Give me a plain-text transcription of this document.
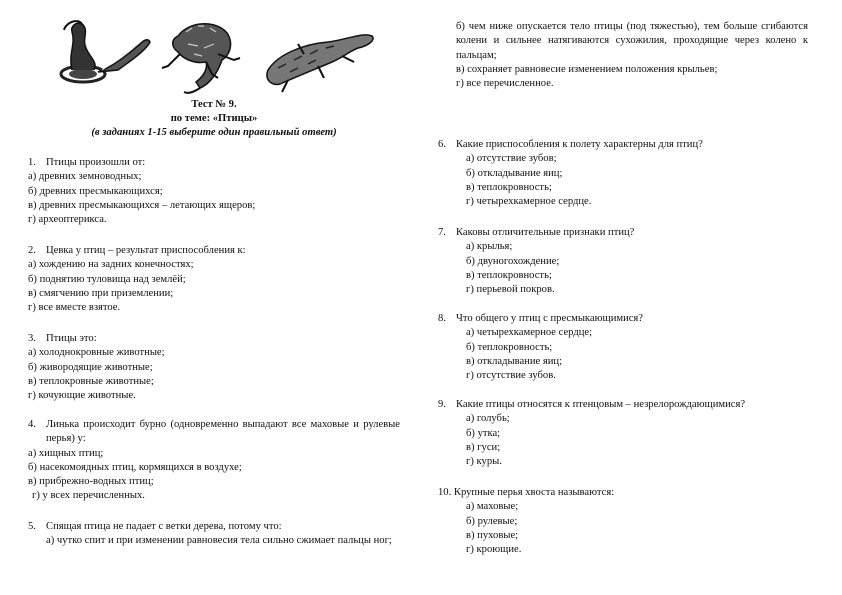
Тест № 9.
по теме: «Птицы»
(в заданиях 1-15 выберите один правильный ответ)
1. Птицы произошли от:
а) древних земноводных;
б) древних пресмыкающихся;
в) древних пресмыкающихся – летающих ящеров;
г) археоптерикса.
2. Цевка у птиц – результат приспособления к:
а) хождению на задних конечностях;
б) поднятию туловища над землёй;
в) смягчению при приземлении;
г) все вместе взятое.
3. Птицы это:
а) холоднокровные животные;
б) живородящие животные;
в) теплокровные животные;
г) кочующие животные.
4. Линька происходит бурно (одновременно выпадают все маховые и рулевые перья) у:
а) хищных птиц;
б) насекомоядных птиц, кормящихся в воздухе;
в) прибрежно-водных птиц;
г) у всех перечисленных.
5. Спящая птица не падает с ветки дерева, потому что:
а) чутко спит и при изменении равновесия тела сильно сжимает пальцы ног;
б) чем ниже опускается тело птицы (под тяжестью), тем больше сгибаются колени и сильнее натягиваются сухожилия, проходящие через колено к пальцам;
в) сохраняет равновесие изменением положения крыльев;
г) все перечисленное.
6. Какие приспособления к полету характерны для птиц?
а) отсутствие зубов;
б) откладывание яиц;
в) теплокровность;
г) четырехкамерное сердце.
7. Каковы отличительные признаки птиц?
а) крылья;
б) двуногохождение;
в) теплокровность;
г) перьевой покров.
8. Что общего у птиц с пресмыкающимися?
а) четырехкамерное сердце;
б) теплокровность;
в) откладывание яиц;
г) отсутствие зубов.
9. Какие птицы относятся к птенцовым – незрелорождающимися?
а) голубь;
б) утка;
в) гуси;
г) куры.
10. Крупные перья хвоста называются:
а) маховые;
б) рулевые;
в) пуховые;
г) кроющие.
